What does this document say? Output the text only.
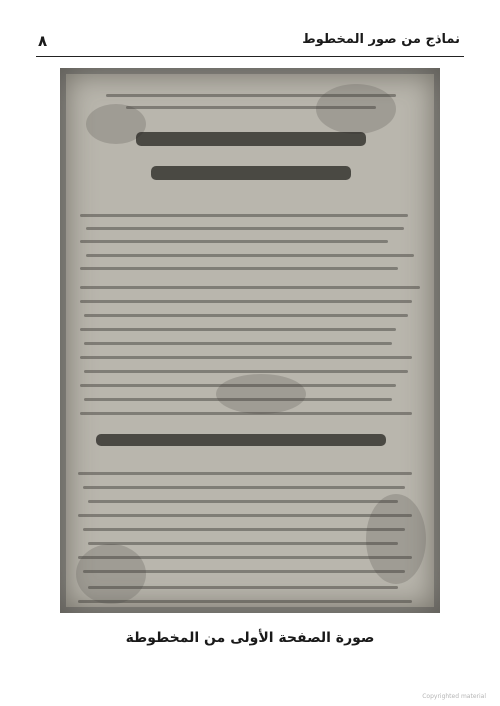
٨	نماذج من صور المخطوط
صورة الصفحة الأولى من المخطوطة
Copyrighted material
